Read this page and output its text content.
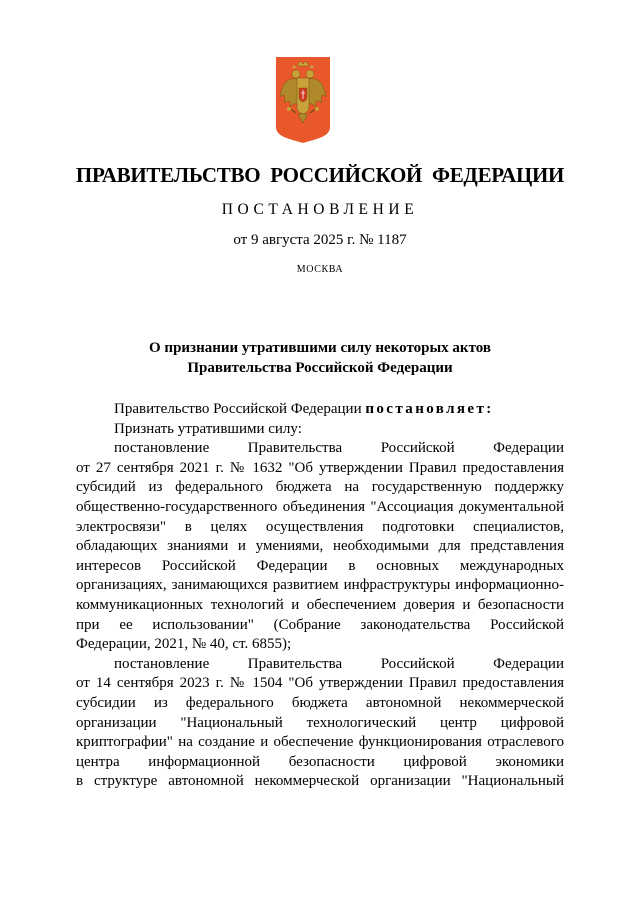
ПРАВИТЕЛЬСТВО РОССИЙСКОЙ ФЕДЕРАЦИИ
ПОСТАНОВЛЕНИЕ
от 9 августа 2025 г. № 1187
МОСКВА
О признании утратившими силу некоторых актов
Правительства Российской Федерации
Правительство Российской Федерации постановляет:
Признать утратившими силу:
постановление Правительства Российской Федерации
от 27 сентября 2021 г. № 1632 "Об утверждении Правил предоставления
субсидий из федерального бюджета на государственную поддержку
общественно-государственного объединения "Ассоциация документальной
электросвязи" в целях осуществления подготовки специалистов,
обладающих знаниями и умениями, необходимыми для представления
интересов Российской Федерации в основных международных
организациях, занимающихся развитием инфраструктуры информационно-
коммуникационных технологий и обеспечением доверия и безопасности
при ее использовании" (Собрание законодательства Российской
Федерации, 2021, № 40, ст. 6855);
постановление Правительства Российской Федерации
от 14 сентября 2023 г. № 1504 "Об утверждении Правил предоставления
субсидии из федерального бюджета автономной некоммерческой
организации "Национальный технологический центр цифровой
криптографии" на создание и обеспечение функционирования отраслевого
центра информационной безопасности цифровой экономики
в структуре автономной некоммерческой организации "Национальный
